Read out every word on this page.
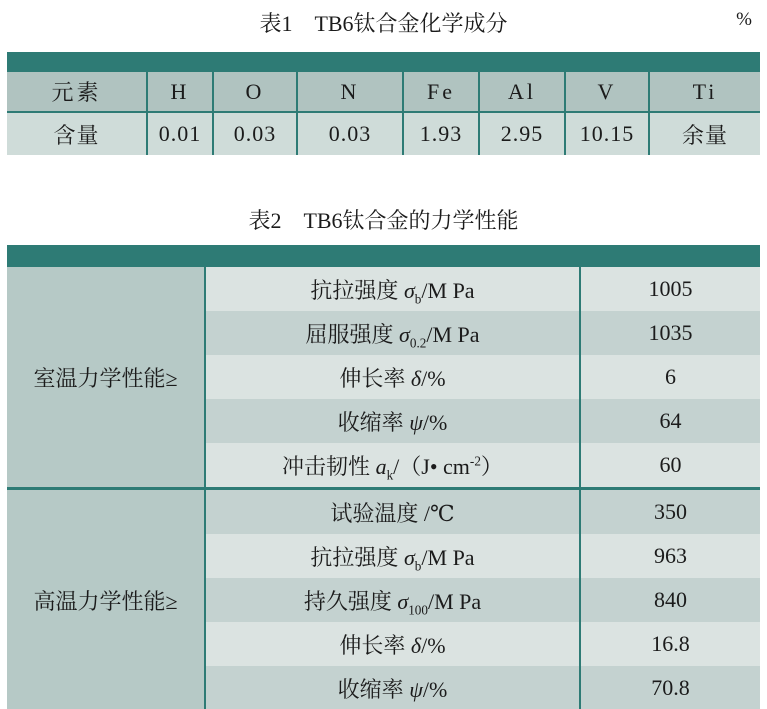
表1　TB6钛合金化学成分	%
元素	H	O	N	Fe	Al	V	Ti
含量	0.01	0.03	0.03	1.93	2.95	10.15	余量
表2　TB6钛合金的力学性能
室温力学性能≥	抗拉强度 $\sigma_b/M$ Pa	1005
	屈服强度 $\sigma_{0.2}/M$ Pa	1035
	伸长率 δ/%	6
	收缩率 ψ/%	64
	冲击韧性 $a_k/(J•$ $cm^{-2}$）	60
高温力学性能≥	试验温度 /℃	350
	抗拉强度 $\sigma_b/M$ Pa	963
	持久强度 $\sigma_{100}/M$ Pa	840
	伸长率 δ/%	16.8
	收缩率 ψ/%	70.8
